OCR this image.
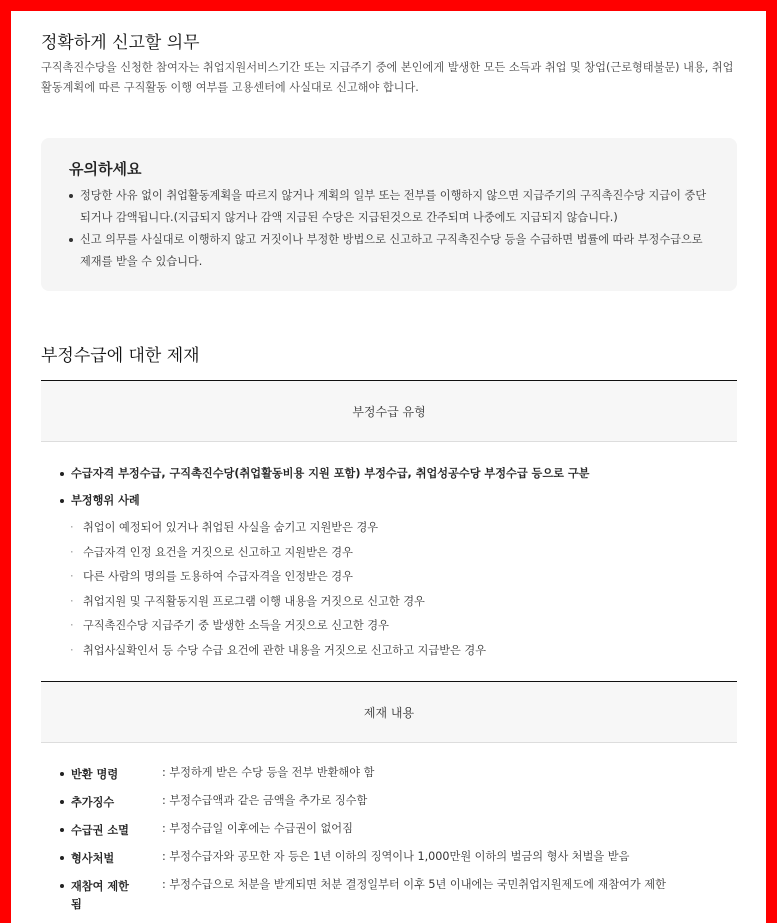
정확하게 신고할 의무

구직촉진수당을 신청한 참여자는 취업지원서비스기간 또는 지급주기 중에 본인에게 발생한 모든 소득과 취업 및 창업(근로형태불문) 내용, 취업활동계획에 따른 구직활동 이행 여부를 고용센터에 사실대로 신고해야 합니다.

유의하세요
정당한 사유 없이 취업활동계획을 따르지 않거나 계획의 일부 또는 전부를 이행하지 않으면 지급주기의 구직촉진수당 지급이 중단되거나 감액됩니다.(지급되지 않거나 감액 지급된 수당은 지급된것으로 간주되며 나중에도 지급되지 않습니다.)
신고 의무를 사실대로 이행하지 않고 거짓이나 부정한 방법으로 신고하고 구직촉진수당 등을 수급하면 법률에 따라 부정수급으로 제재를 받을 수 있습니다.
부정수급에 대한 제재
부정수급 유형
수급자격 부정수급, 구직촉진수당(취업활동비용 지원 포함) 부정수급, 취업성공수당 부정수급 등으로 구분
부정행위 사례
· 취업이 예정되어 있거나 취업된 사실을 숨기고 지원받은 경우
· 수급자격 인정 요건을 거짓으로 신고하고 지원받은 경우
· 다른 사람의 명의를 도용하여 수급자격을 인정받은 경우
· 취업지원 및 구직활동지원 프로그램 이행 내용을 거짓으로 신고한 경우
· 구직촉진수당 지급주기 중 발생한 소득을 거짓으로 신고한 경우
· 취업사실확인서 등 수당 수급 요건에 관한 내용을 거짓으로 신고하고 지급받은 경우
제재 내용
반환 명령	: 부정하게 받은 수당 등을 전부 반환해야 함
추가징수	: 부정수급액과 같은 금액을 추가로 징수함
수급권 소멸	: 부정수급일 이후에는 수급권이 없어짐
형사처벌	: 부정수급자와 공모한 자 등은 1년 이하의 징역이나 1,000만원 이하의 벌금의 형사 처벌을 받음
재참여 제한	: 부정수급으로 처분을 받게되면 처분 결정일부터 이후 5년 이내에는 국민취업지원제도에 재참여가 제한
됨
